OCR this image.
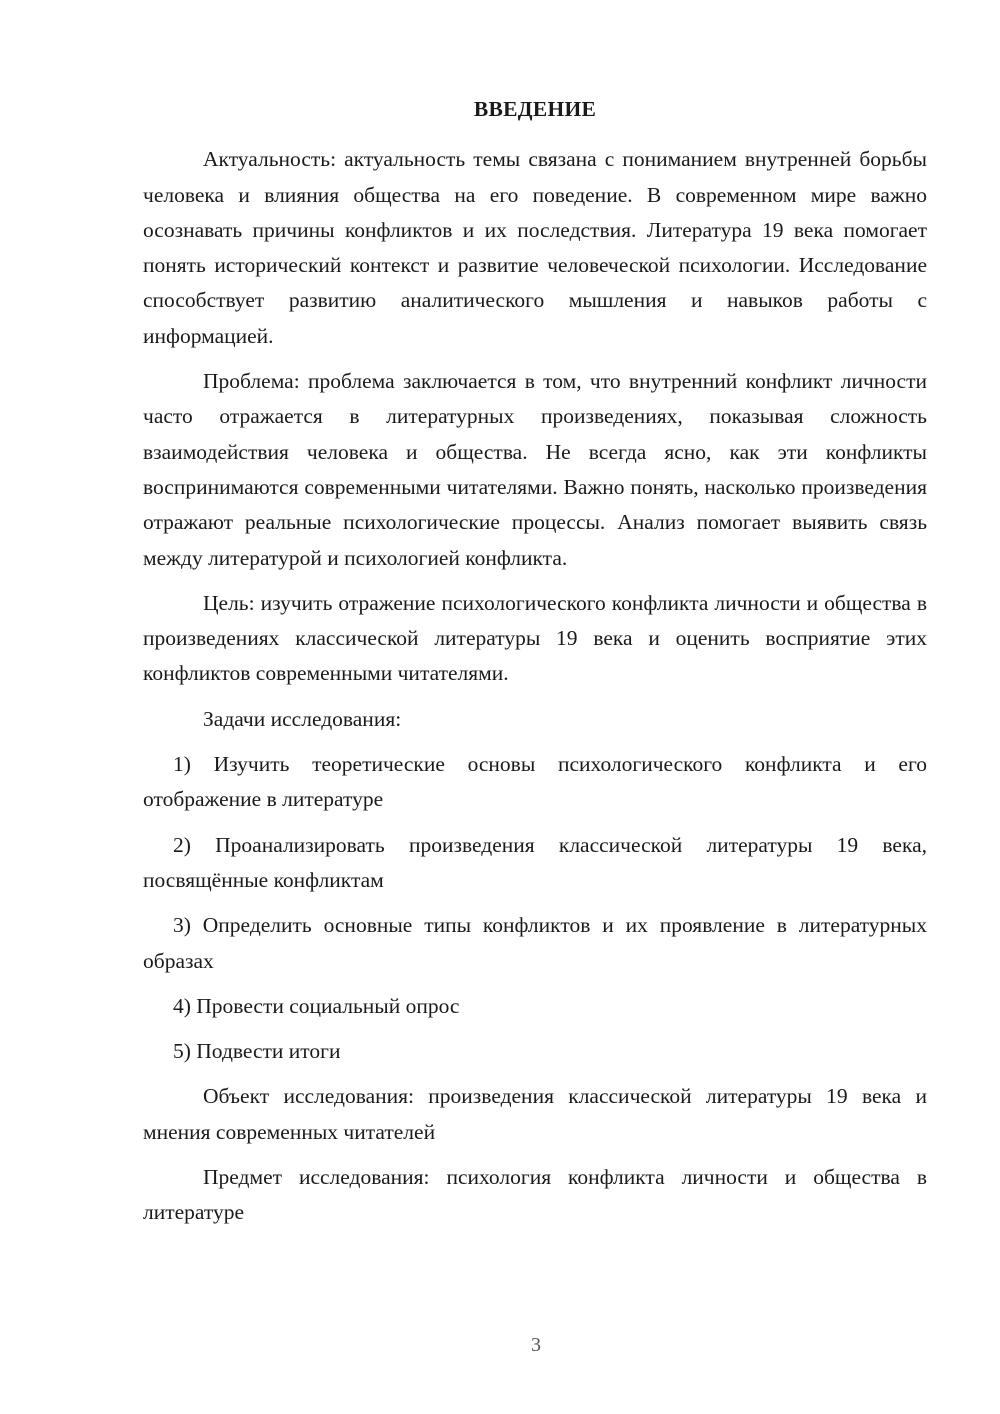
ВВЕДЕНИЕ

Актуальность: актуальность темы связана с пониманием внутренней борьбы человека и влияния общества на его поведение. В современном мире важно осознавать причины конфликтов и их последствия. Литература 19 века помогает понять исторический контекст и развитие человеческой психологии. Исследование способствует развитию аналитического мышления и навыков работы с информацией.

Проблема: проблема заключается в том, что внутренний конфликт личности часто отражается в литературных произведениях, показывая сложность взаимодействия человека и общества. Не всегда ясно, как эти конфликты воспринимаются современными читателями. Важно понять, насколько произведения отражают реальные психологические процессы. Анализ помогает выявить связь между литературой и психологией конфликта.

Цель: изучить отражение психологического конфликта личности и общества в произведениях классической литературы 19 века и оценить восприятие этих конфликтов современными читателями.

Задачи исследования:

1) Изучить теоретические основы психологического конфликта и его отображение в литературе

2) Проанализировать произведения классической литературы 19 века, посвящённые конфликтам

3) Определить основные типы конфликтов и их проявление в литературных образах

4) Провести социальный опрос

5) Подвести итоги

Объект исследования: произведения классической литературы 19 века и мнения современных читателей

Предмет исследования: психология конфликта личности и общества в литературе

3
